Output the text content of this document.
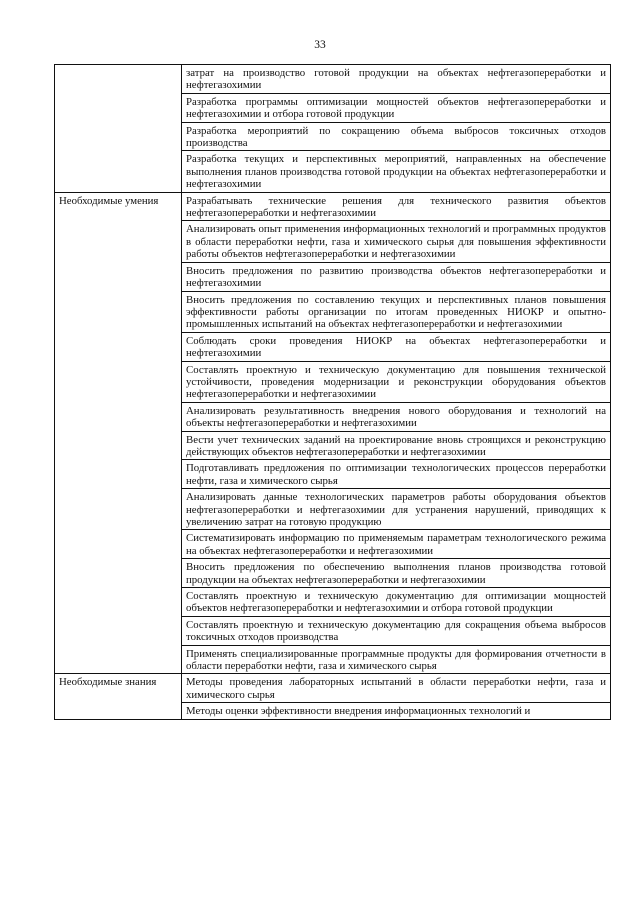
33
	затрат на производство готовой продукции на объектах нефтегазопереработки и нефтегазохимии
	Разработка программы оптимизации мощностей объектов нефтегазопереработки и нефтегазохимии и отбора готовой продукции
	Разработка мероприятий по сокращению объема выбросов токсичных отходов производства
	Разработка текущих и перспективных мероприятий, направленных на обеспечение выполнения планов производства готовой продукции на объектах нефтегазопереработки и нефтегазохимии
Необходимые умения	Разрабатывать технические решения для технического развития объектов нефтегазопереработки и нефтегазохимии
	Анализировать опыт применения информационных технологий и программных продуктов в области переработки нефти, газа и химического сырья для повышения эффективности работы объектов нефтегазопереработки и нефтегазохимии
	Вносить предложения по развитию производства объектов нефтегазопереработки и нефтегазохимии
	Вносить предложения по составлению текущих и перспективных планов повышения эффективности работы организации по итогам проведенных НИОКР и опытно-промышленных испытаний на объектах нефтегазопереработки и нефтегазохимии
	Соблюдать сроки проведения НИОКР на объектах нефтегазопереработки и нефтегазохимии
	Составлять проектную и техническую документацию для повышения технической устойчивости, проведения модернизации и реконструкции оборудования объектов нефтегазопереработки и нефтегазохимии
	Анализировать результативность внедрения нового оборудования и технологий на объекты нефтегазопереработки и нефтегазохимии
	Вести учет технических заданий на проектирование вновь строящихся и реконструкцию действующих объектов нефтегазопереработки и нефтегазохимии
	Подготавливать предложения по оптимизации технологических процессов переработки нефти, газа и химического сырья
	Анализировать данные технологических параметров работы оборудования объектов нефтегазопереработки и нефтегазохимии для устранения нарушений, приводящих к увеличению затрат на готовую продукцию
	Систематизировать информацию по применяемым параметрам технологического режима на объектах нефтегазопереработки и нефтегазохимии
	Вносить предложения по обеспечению выполнения планов производства готовой продукции на объектах нефтегазопереработки и нефтегазохимии
	Составлять проектную и техническую документацию для оптимизации мощностей объектов нефтегазопереработки и нефтегазохимии и отбора готовой продукции
	Составлять проектную и техническую документацию для сокращения объема выбросов токсичных отходов производства
	Применять специализированные программные продукты для формирования отчетности в области переработки нефти, газа и химического сырья
Необходимые знания	Методы проведения лабораторных испытаний в области переработки нефти, газа и химического сырья
	Методы оценки эффективности внедрения информационных технологий и
